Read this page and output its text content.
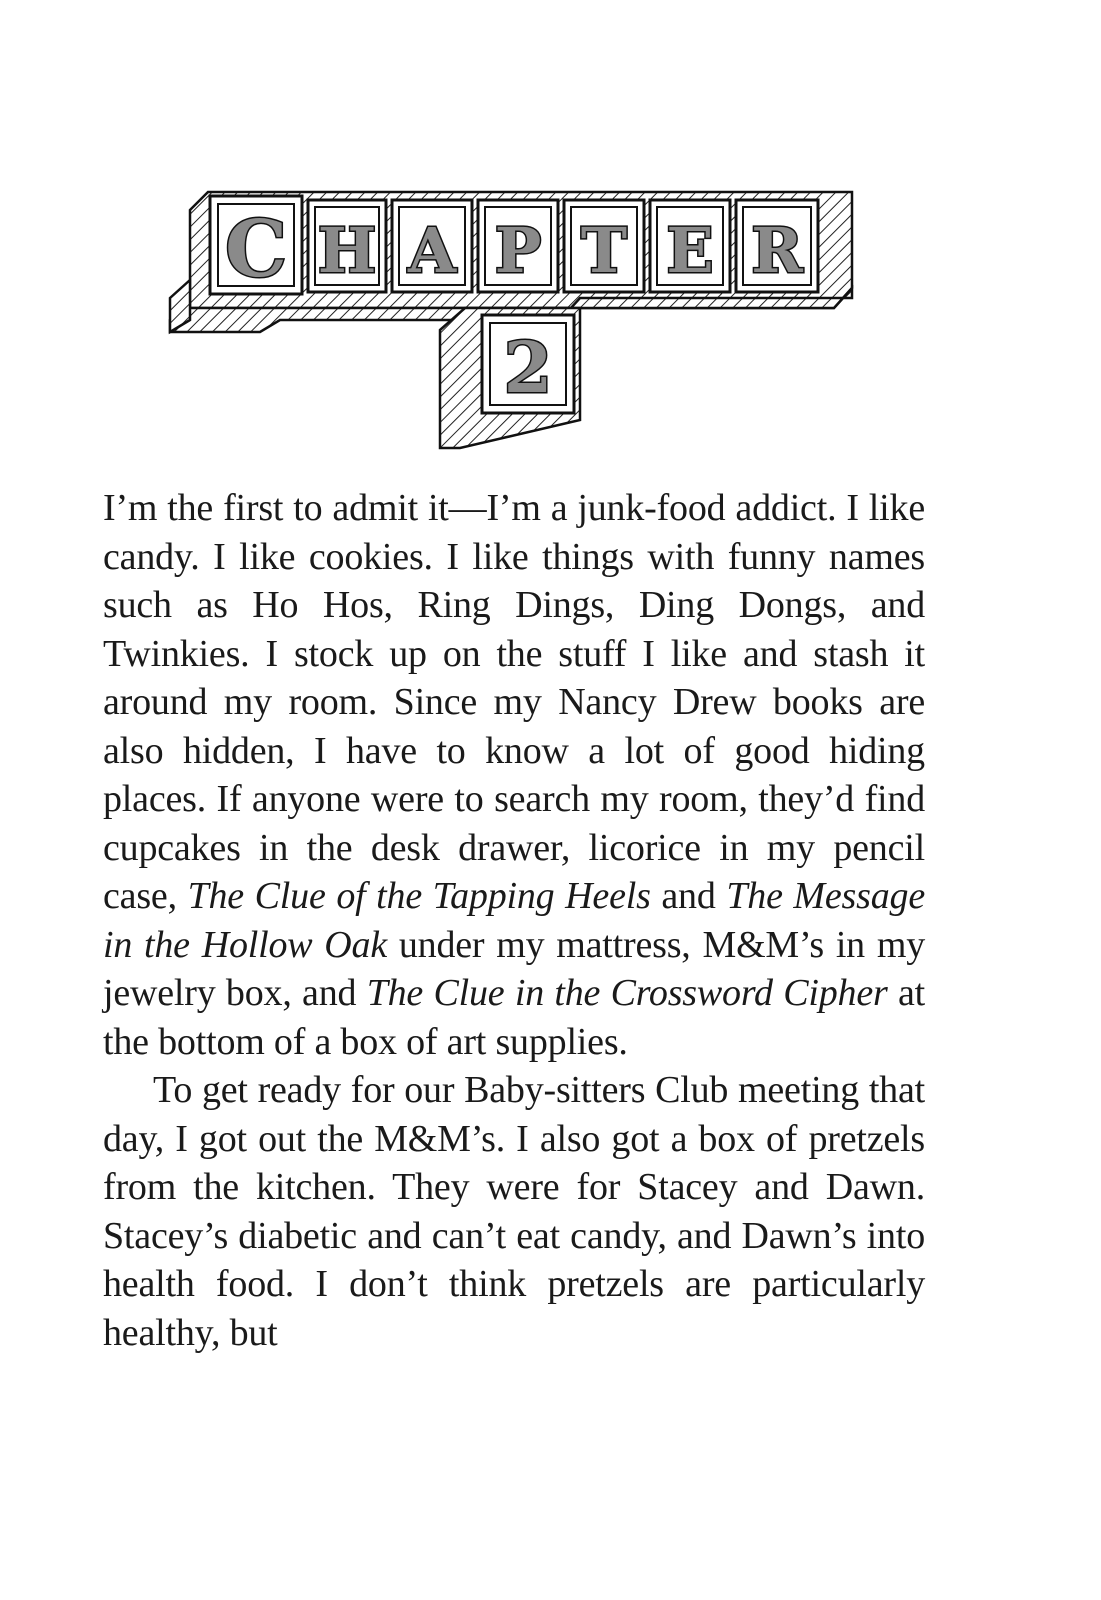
C H A P T E R
2

I’m the first to admit it—I’m a junk-food addict. I like candy. I like cookies. I like things with funny names such as Ho Hos, Ring Dings, Ding Dongs, and Twinkies. I stock up on the stuff I like and stash it around my room. Since my Nancy Drew books are also hidden, I have to know a lot of good hiding places. If anyone were to search my room, they’d find cupcakes in the desk drawer, licorice in my pencil case, The Clue of the Tapping Heels and The Message in the Hollow Oak under my mattress, M&M’s in my jewelry box, and The Clue in the Crossword Cipher at the bottom of a box of art supplies.

To get ready for our Baby-sitters Club meeting that day, I got out the M&M’s. I also got a box of pretzels from the kitchen. They were for Stacey and Dawn. Stacey’s diabetic and can’t eat candy, and Dawn’s into health food. I don’t think pretzels are particularly healthy, but
